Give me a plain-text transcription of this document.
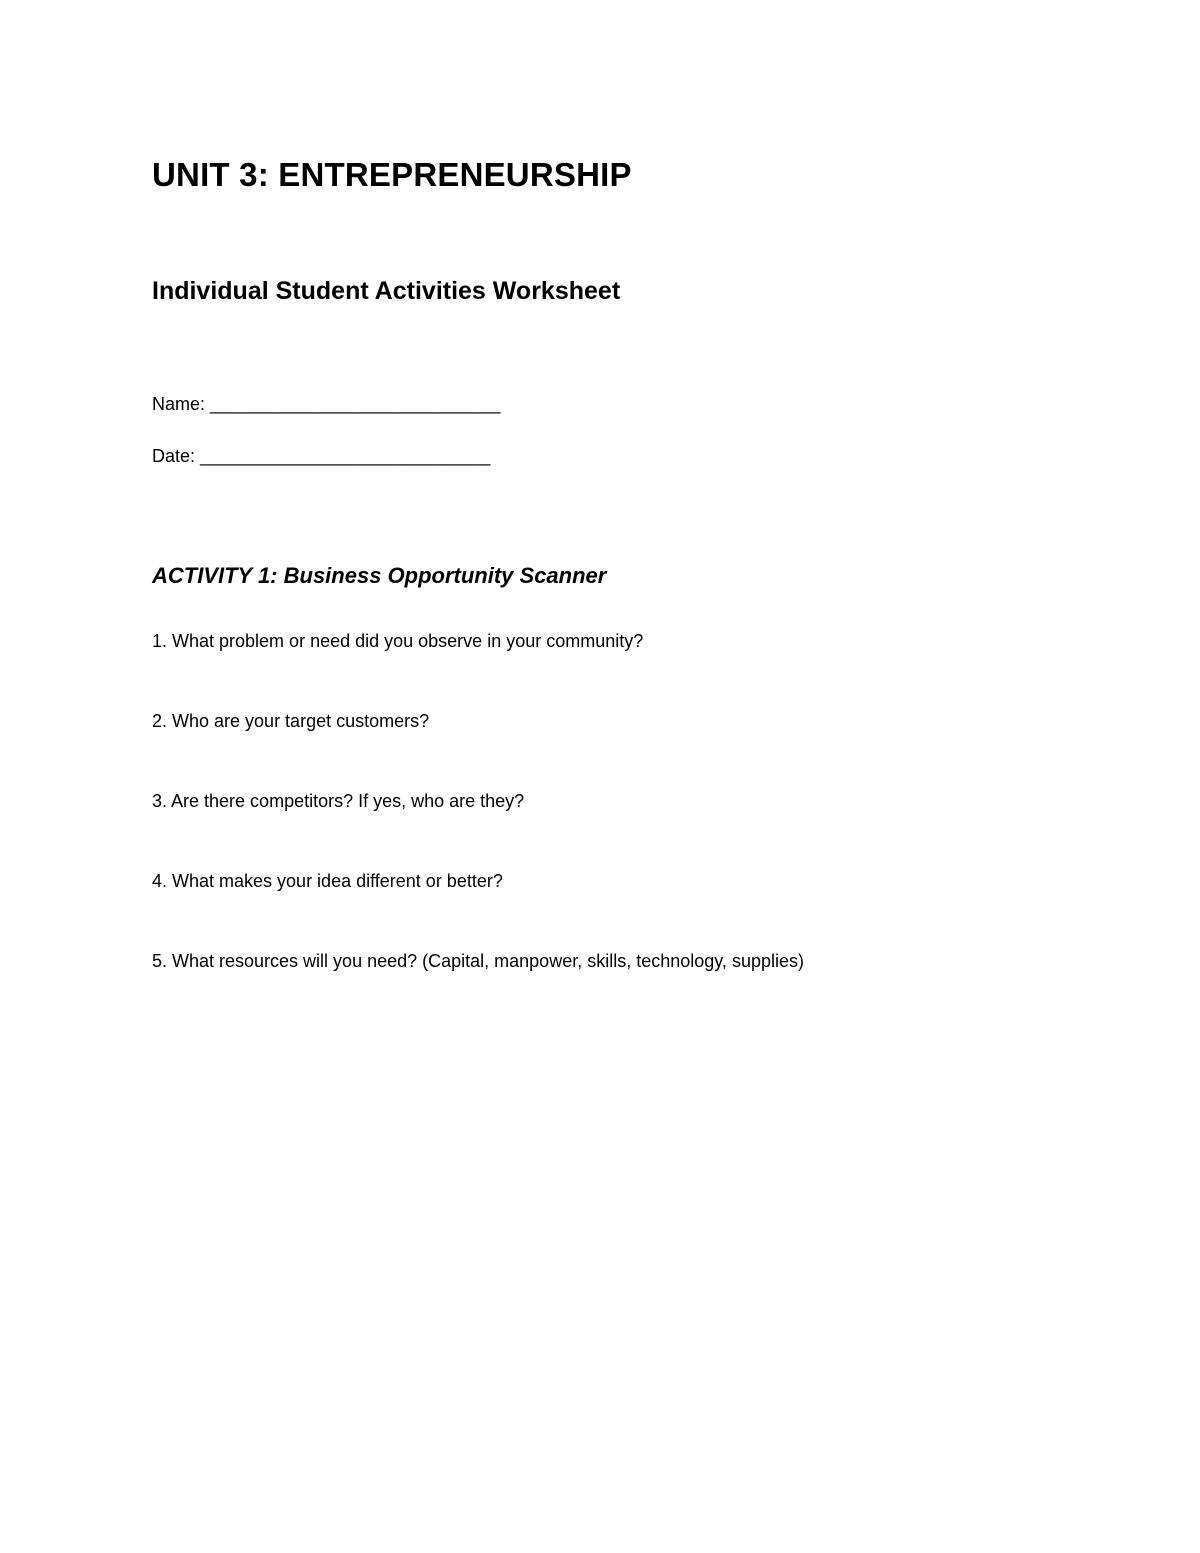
UNIT 3: ENTREPRENEURSHIP
Individual Student Activities Worksheet
Name: _____________________________
Date: _____________________________
ACTIVITY 1: Business Opportunity Scanner
1. What problem or need did you observe in your community?
2. Who are your target customers?
3. Are there competitors? If yes, who are they?
4. What makes your idea different or better?
5. What resources will you need? (Capital, manpower, skills, technology, supplies)
